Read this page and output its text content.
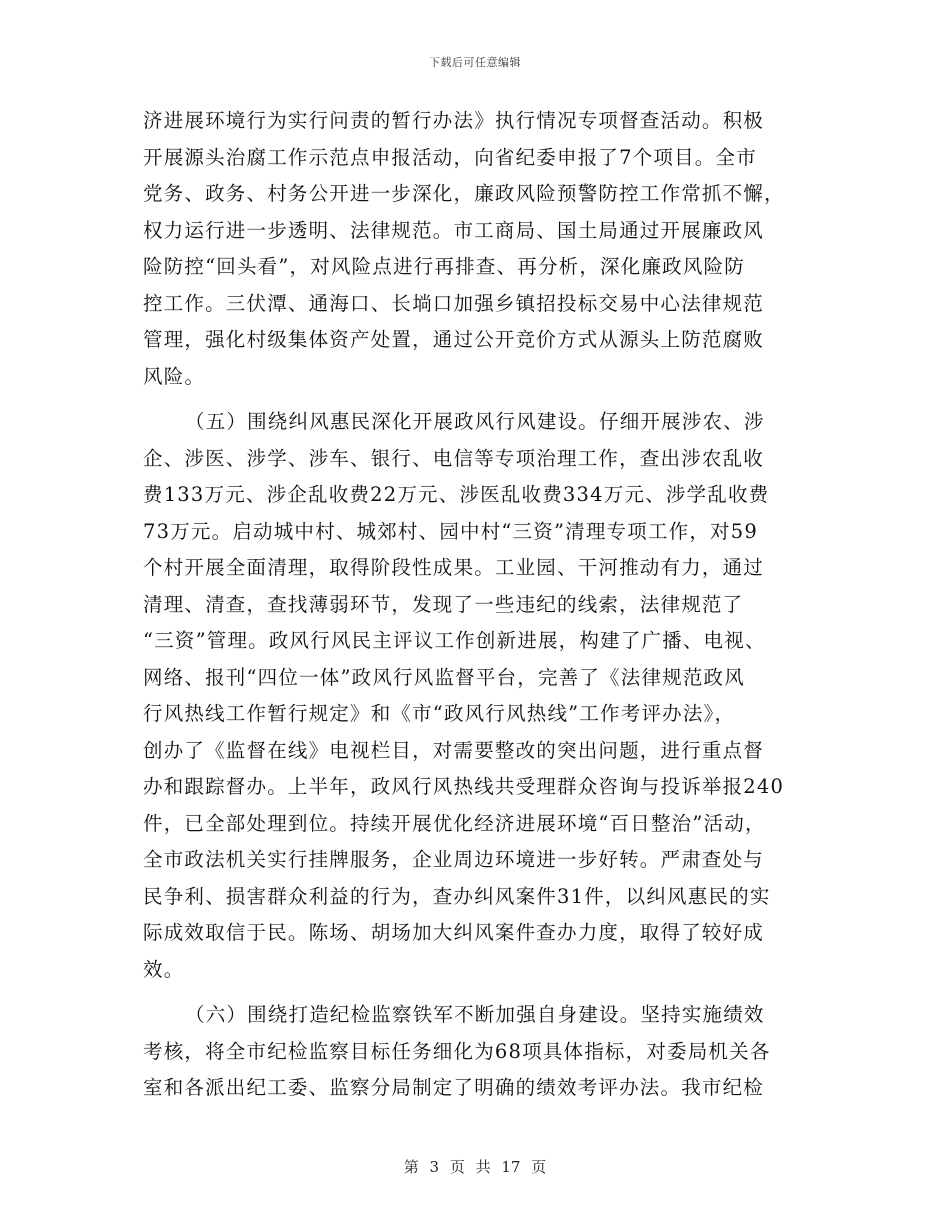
下载后可任意编辑
济进展环境行为实行问责的暂行办法》执行情况专项督查活动。积极
开展源头治腐工作示范点申报活动，向省纪委申报了7个项目。全市
党务、政务、村务公开进一步深化，廉政风险预警防控工作常抓不懈，
权力运行进一步透明、法律规范。市工商局、国土局通过开展廉政风
险防控“回头看”，对风险点进行再排查、再分析，深化廉政风险防
控工作。三伏潭、通海口、长埫口加强乡镇招投标交易中心法律规范
管理，强化村级集体资产处置，通过公开竞价方式从源头上防范腐败
风险。
（五）围绕纠风惠民深化开展政风行风建设。仔细开展涉农、涉
企、涉医、涉学、涉车、银行、电信等专项治理工作，查出涉农乱收
费133万元、涉企乱收费22万元、涉医乱收费334万元、涉学乱收费
73万元。启动城中村、城郊村、园中村“三资”清理专项工作，对59
个村开展全面清理，取得阶段性成果。工业园、干河推动有力，通过
清理、清查，查找薄弱环节，发现了一些违纪的线索，法律规范了
“三资”管理。政风行风民主评议工作创新进展，构建了广播、电视、
网络、报刊“四位一体”政风行风监督平台，完善了《法律规范政风
行风热线工作暂行规定》和《市“政风行风热线”工作考评办法》，
创办了《监督在线》电视栏目，对需要整改的突出问题，进行重点督
办和跟踪督办。上半年，政风行风热线共受理群众咨询与投诉举报240
件，已全部处理到位。持续开展优化经济进展环境“百日整治”活动，
全市政法机关实行挂牌服务，企业周边环境进一步好转。严肃查处与
民争利、损害群众利益的行为，查办纠风案件31件，以纠风惠民的实
际成效取信于民。陈场、胡场加大纠风案件查办力度，取得了较好成
效。
（六）围绕打造纪检监察铁军不断加强自身建设。坚持实施绩效
考核，将全市纪检监察目标任务细化为68项具体指标，对委局机关各
室和各派出纪工委、监察分局制定了明确的绩效考评办法。我市纪检
第 3 页 共 17 页
